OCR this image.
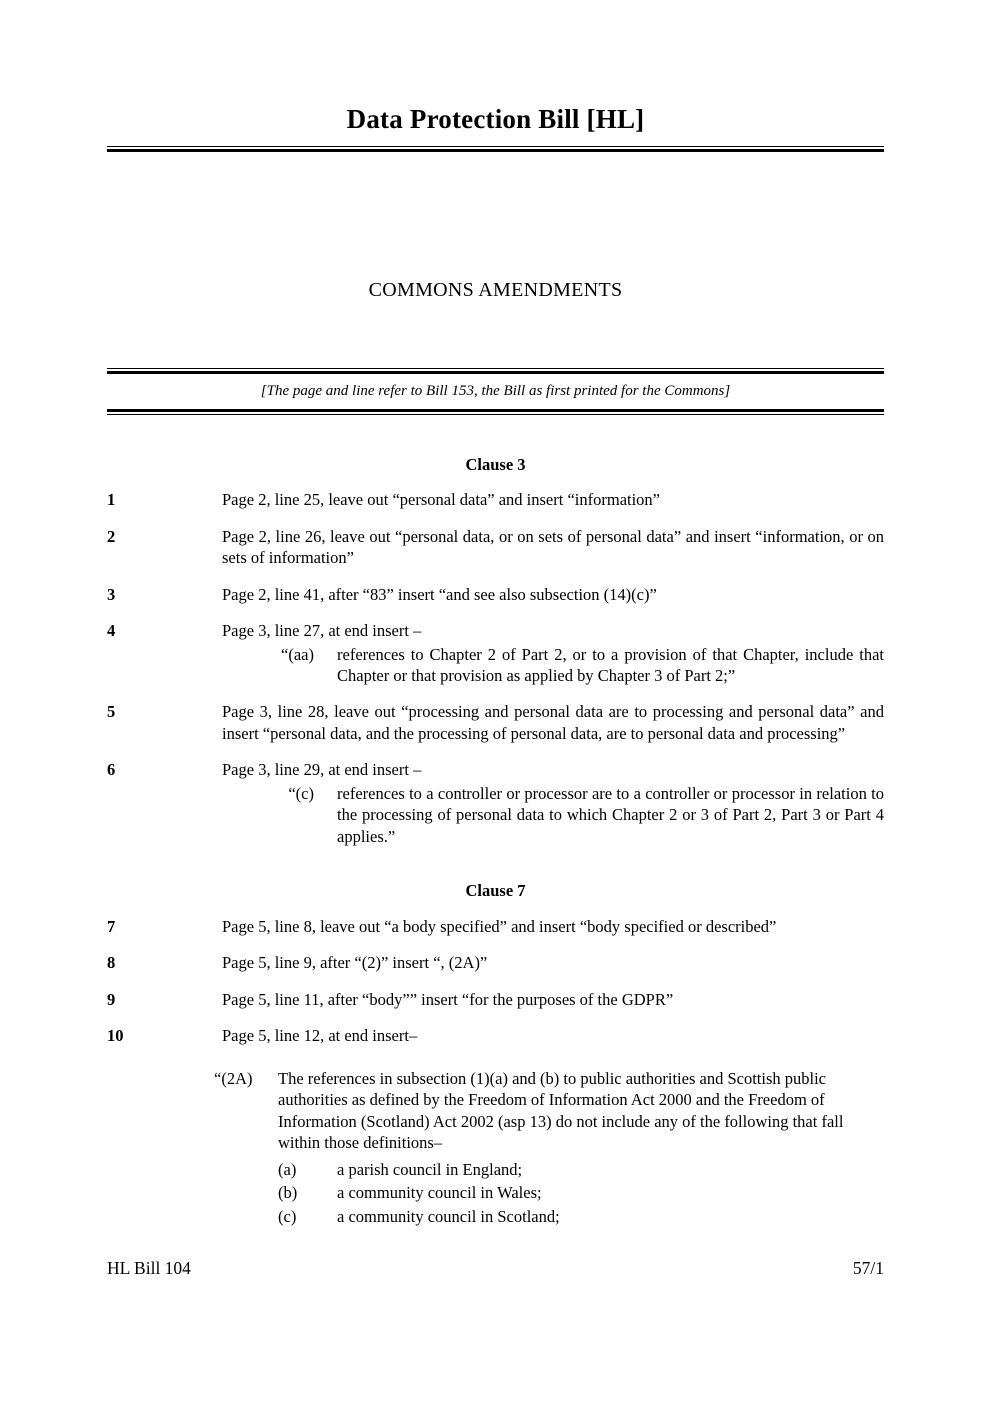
Data Protection Bill [HL]
COMMONS AMENDMENTS
[The page and line refer to Bill 153, the Bill as first printed for the Commons]
Clause 3
1	Page 2, line 25, leave out “personal data” and insert “information”
2	Page 2, line 26, leave out “personal data, or on sets of personal data” and insert “information, or on sets of information”
3	Page 2, line 41, after “83” insert “and see also subsection (14)(c)”
4	Page 3, line 27, at end insert –
“(aa)	references to Chapter 2 of Part 2, or to a provision of that Chapter, include that Chapter or that provision as applied by Chapter 3 of Part 2;”
5	Page 3, line 28, leave out “processing and personal data are to processing and personal data” and insert “personal data, and the processing of personal data, are to personal data and processing”
6	Page 3, line 29, at end insert –
“(c)	references to a controller or processor are to a controller or processor in relation to the processing of personal data to which Chapter 2 or 3 of Part 2, Part 3 or Part 4 applies.”
Clause 7
7	Page 5, line 8, leave out “a body specified” and insert “body specified or described”
8	Page 5, line 9, after “(2)” insert “, (2A)”
9	Page 5, line 11, after “body”” insert “for the purposes of the GDPR”
10	Page 5, line 12, at end insert–
“(2A)	The references in subsection (1)(a) and (b) to public authorities and Scottish public authorities as defined by the Freedom of Information Act 2000 and the Freedom of Information (Scotland) Act 2002 (asp 13) do not include any of the following that fall within those definitions–
(a)	a parish council in England;
(b)	a community council in Wales;
(c)	a community council in Scotland;
HL Bill 104	57/1
